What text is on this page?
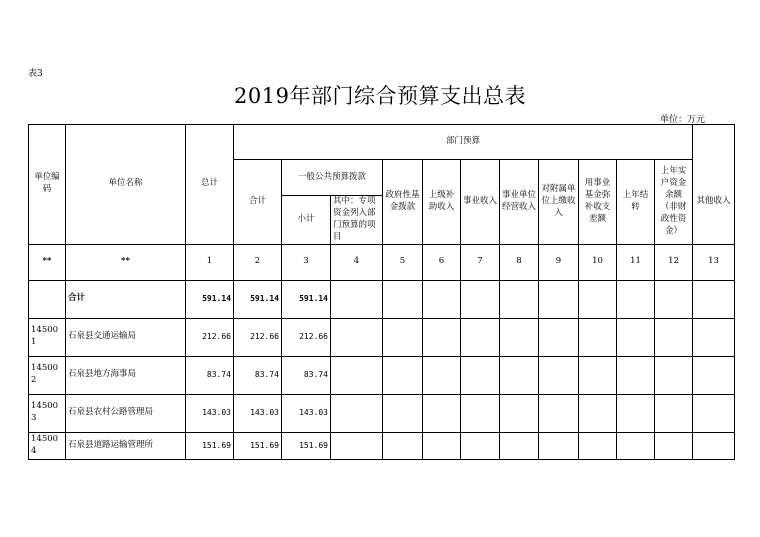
表3
2019年部门综合预算支出总表
单位：万元
单位编码	单位名称	总计	部门预算											
			合计	一般公共预算拨款		政府性基金拨款	上级补助收入	事业收入	事业单位经营收入	对附属单位上缴收入	用事业基金弥补收支差额	上年结转	上年实户资金余额（非财政性资金）	其他收入
				小计	其中：专项资金列入部门预算的项目									
**	**	1	2	3	4	5	6	7	8	9	10	11	12	13
	合计	591.14	591.14	591.14										
145001	石泉县交通运输局	212.66	212.66	212.66										
145002	石泉县地方海事局	83.74	83.74	83.74										
145003	石泉县农村公路管理局	143.03	143.03	143.03										
145004	石泉县道路运输管理所	151.69	151.69	151.69										
